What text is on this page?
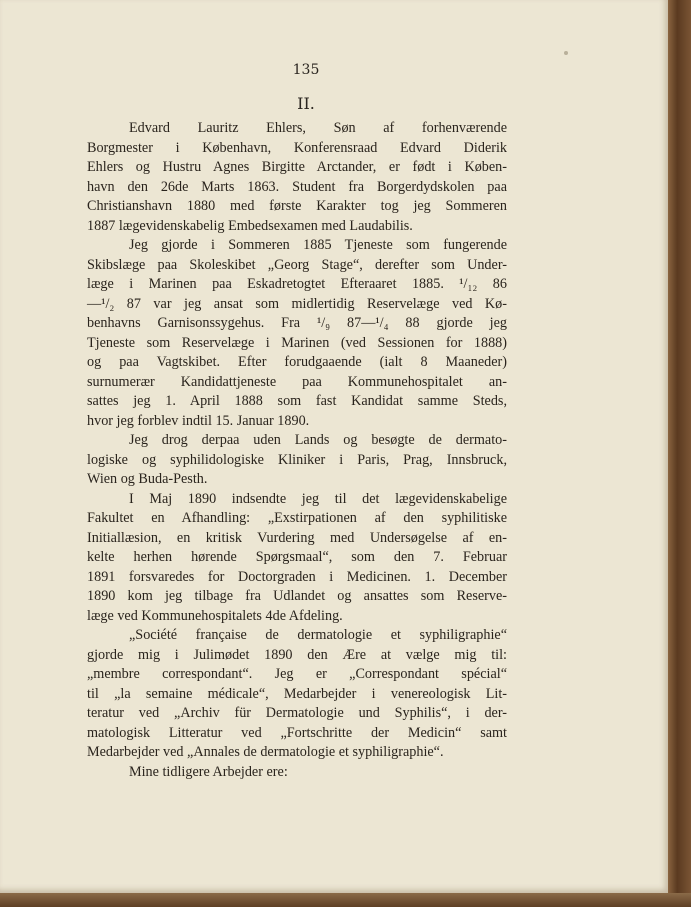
135
II.
Edvard Lauritz Ehlers, Søn af forhenværende
Borgmester i København, Konferensraad Edvard Diderik
Ehlers og Hustru Agnes Birgitte Arctander, er født i Køben-
havn den 26de Marts 1863. Student fra Borgerdydskolen paa
Christianshavn 1880 med første Karakter tog jeg Sommeren
1887 lægevidenskabelig Embedsexamen med Laudabilis.
Jeg gjorde i Sommeren 1885 Tjeneste som fungerende
Skibslæge paa Skoleskibet „Georg Stage“, derefter som Under-
læge i Marinen paa Eskadretogtet Efteraaret 1885. ¹/₁₂ 86
—¹/₂ 87 var jeg ansat som midlertidig Reservelæge ved Kø-
benhavns Garnisonssygehus. Fra ¹/₉ 87—¹/₄ 88 gjorde jeg
Tjeneste som Reservelæge i Marinen (ved Sessionen for 1888)
og paa Vagtskibet. Efter forudgaaende (ialt 8 Maaneder)
surnumerær Kandidattjeneste paa Kommunehospitalet an-
sattes jeg 1. April 1888 som fast Kandidat samme Steds,
hvor jeg forblev indtil 15. Januar 1890.
Jeg drog derpaa uden Lands og besøgte de dermato-
logiske og syphilidologiske Kliniker i Paris, Prag, Innsbruck,
Wien og Buda-Pesth.
I Maj 1890 indsendte jeg til det lægevidenskabelige
Fakultet en Afhandling: „Exstirpationen af den syphilitiske
Initiallæsion, en kritisk Vurdering med Undersøgelse af en-
kelte herhen hørende Spørgsmaal“, som den 7. Februar
1891 forsvaredes for Doctorgraden i Medicinen. 1. December
1890 kom jeg tilbage fra Udlandet og ansattes som Reserve-
læge ved Kommunehospitalets 4de Afdeling.
„Société française de dermatologie et syphiligraphie“
gjorde mig i Julimødet 1890 den Ære at vælge mig til:
„membre correspondant“. Jeg er „Correspondant spécial“
til „la semaine médicale“, Medarbejder i venereologisk Lit-
teratur ved „Archiv für Dermatologie und Syphilis“, i der-
matologisk Litteratur ved „Fortschritte der Medicin“ samt
Medarbejder ved „Annales de dermatologie et syphiligraphie“.
Mine tidligere Arbejder ere:
